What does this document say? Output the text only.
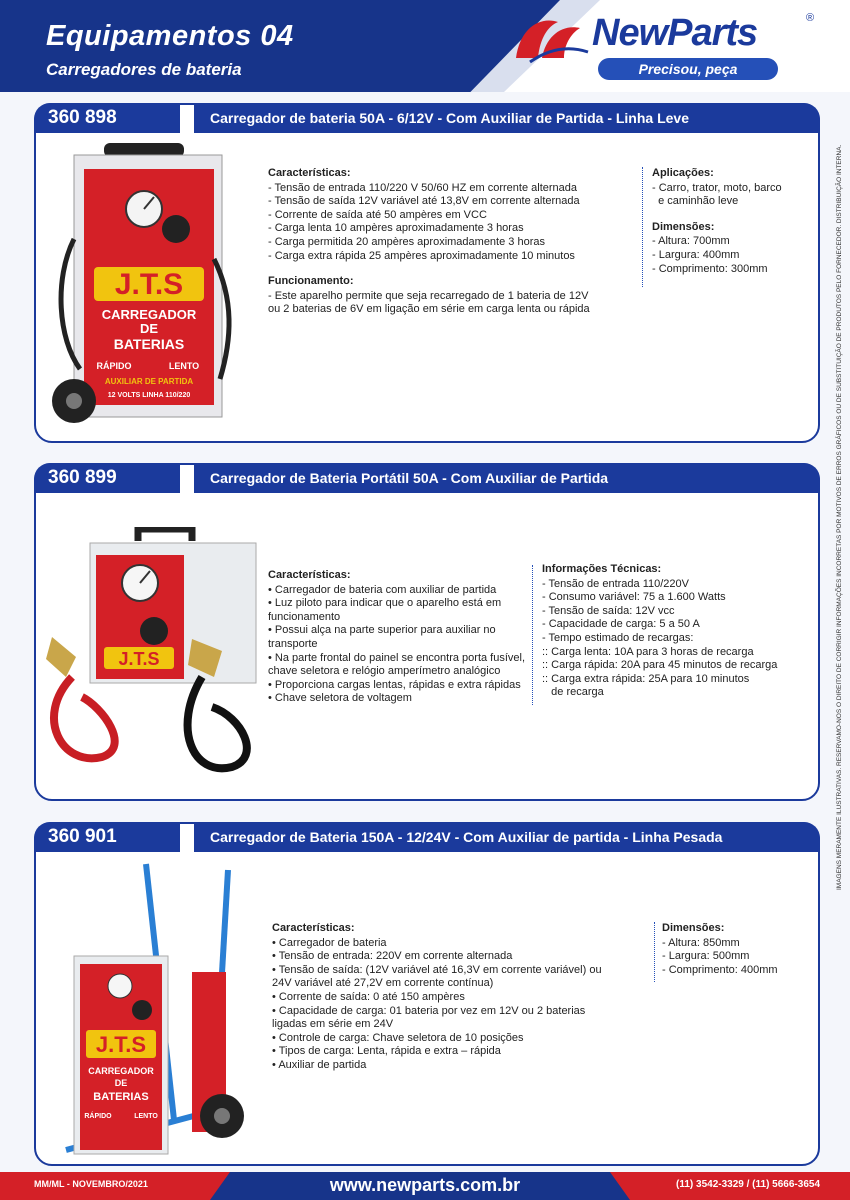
Equipamentos 04
Carregadores de bateria
NewParts	®
Precisou, peça
IMAGENS MERAMENTE ILUSTRATIVAS. RESERVAMO-NOS O DIREITO DE CORRIGIR INFORMAÇÕES INCORRETAS POR MOTIVOS DE ERROS GRÁFICOS OU DE SUBSTITUIÇÃO DE PRODUTOS PELO FORNECEDOR. DISTRIBUIÇÃO INTERNA.
360 898	Carregador de bateria 50A - 6/12V - Com Auxiliar de Partida - Linha Leve
J.T.S
CARREGADOR
DE
BATERIAS
RÁPIDO	LENTO
AUXILIAR DE PARTIDA
12 VOLTS LINHA 110/220
Características:
- Tensão de entrada 110/220 V 50/60 HZ em corrente alternada
- Tensão de saída 12V variável até 13,8V em corrente alternada
- Corrente de saída até 50 ampères em VCC
- Carga lenta 10 ampères aproximadamente 3 horas
- Carga permitida 20 ampères aproximadamente 3 horas
- Carga extra rápida 25 ampères aproximadamente 10 minutos
Funcionamento:
- Este aparelho permite que seja recarregado de 1 bateria de 12V
ou 2 baterias de 6V em ligação em série em carga lenta ou rápida
Aplicações:
- Carro, trator, moto, barco
e caminhão leve
Dimensões:
- Altura: 700mm
- Largura: 400mm
- Comprimento: 300mm
360 899	Carregador de Bateria Portátil 50A - Com Auxiliar de Partida
J.T.S
Características:
• Carregador de bateria com auxiliar de partida
• Luz piloto para indicar que o aparelho está em funcionamento
• Possui alça na parte superior para auxiliar no transporte
• Na parte frontal do painel se encontra porta fusível, chave seletora e relógio amperímetro analógico
• Proporciona cargas lentas, rápidas e extra rápidas
• Chave seletora de voltagem
Informações Técnicas:
- Tensão de entrada 110/220V
- Consumo variável: 75 a 1.600 Watts
- Tensão de saída: 12V vcc
- Capacidade de carga: 5 a 50 A
- Tempo estimado de recargas:
:: Carga lenta: 10A para 3 horas de recarga
:: Carga rápida: 20A para 45 minutos de recarga
:: Carga extra rápida: 25A para 10 minutos
de recarga
360 901	Carregador de Bateria 150A - 12/24V - Com Auxiliar de partida - Linha Pesada
J.T.S
CARREGADOR
DE
BATERIAS
RÁPIDO	LENTO
Características:
• Carregador de bateria
• Tensão de entrada: 220V em corrente alternada
• Tensão de saída: (12V variável até 16,3V em corrente variável) ou 24V variável até 27,2V em corrente contínua)
• Corrente de saída: 0 até 150 ampères
• Capacidade de carga: 01 bateria por vez em 12V ou 2 baterias ligadas em série em 24V
• Controle de carga: Chave seletora de 10 posições
• Tipos de carga: Lenta, rápida e extra – rápida
• Auxiliar de partida
Dimensões:
- Altura: 850mm
- Largura: 500mm
- Comprimento: 400mm
MM/ML - NOVEMBRO/2021	www.newparts.com.br	(11) 3542-3329 / (11) 5666-3654
